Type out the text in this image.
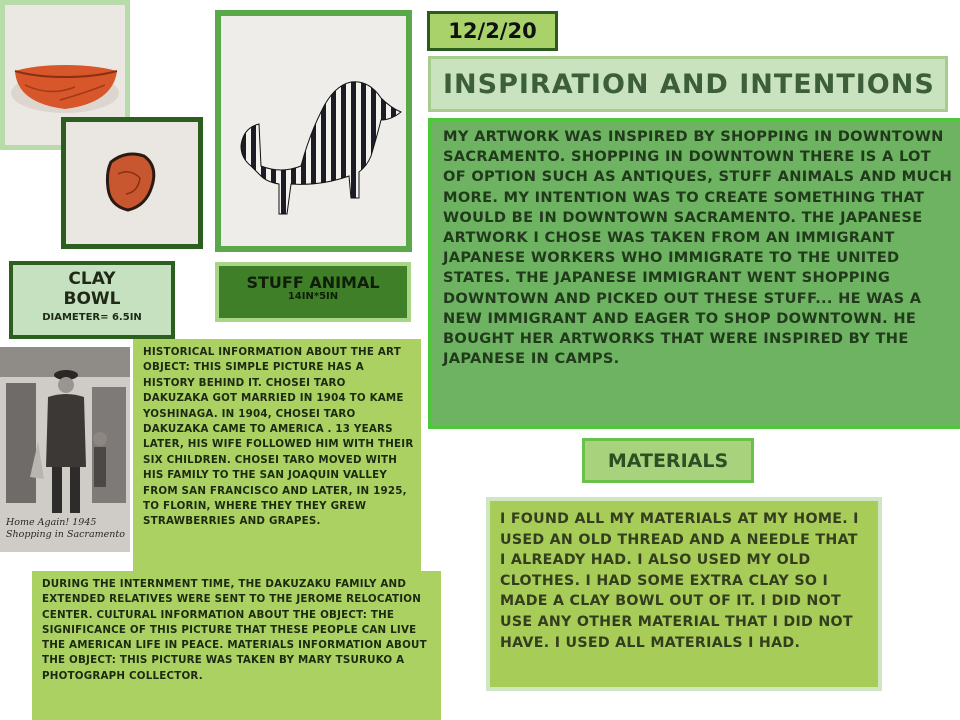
CLAY
BOWL
DIAMETER= 6.5IN
STUFF ANIMAL
14IN*5IN
Home Again! 1945
Shopping in Sacramento
HISTORICAL INFORMATION ABOUT THE ART OBJECT: THIS SIMPLE PICTURE HAS A HISTORY BEHIND IT. CHOSEI TARO DAKUZAKA GOT MARRIED IN 1904 TO KAME YOSHINAGA. IN 1904, CHOSEI TARO DAKUZAKA CAME TO AMERICA . 13 YEARS LATER, HIS WIFE FOLLOWED HIM WITH THEIR SIX CHILDREN. CHOSEI TARO MOVED WITH HIS FAMILY TO THE SAN JOAQUIN VALLEY FROM SAN FRANCISCO AND LATER, IN 1925, TO FLORIN, WHERE THEY THEY GREW STRAWBERRIES AND GRAPES.
DURING THE INTERNMENT TIME, THE DAKUZAKU FAMILY AND EXTENDED RELATIVES WERE SENT TO THE JEROME RELOCATION CENTER. CULTURAL INFORMATION ABOUT THE OBJECT: THE SIGNIFICANCE OF THIS PICTURE THAT THESE PEOPLE CAN LIVE THE AMERICAN LIFE IN PEACE. MATERIALS INFORMATION ABOUT THE OBJECT: THIS PICTURE WAS TAKEN BY MARY TSURUKO A PHOTOGRAPH COLLECTOR.
12/2/20
INSPIRATION AND INTENTIONS
MY ARTWORK WAS INSPIRED BY SHOPPING IN DOWNTOWN SACRAMENTO. SHOPPING IN DOWNTOWN THERE IS A LOT OF OPTION SUCH AS ANTIQUES, STUFF ANIMALS AND MUCH MORE. MY INTENTION WAS TO CREATE SOMETHING THAT WOULD BE IN DOWNTOWN SACRAMENTO. THE JAPANESE ARTWORK I CHOSE WAS TAKEN FROM AN IMMIGRANT JAPANESE WORKERS WHO IMMIGRATE TO THE UNITED STATES. THE JAPANESE IMMIGRANT WENT SHOPPING DOWNTOWN AND PICKED OUT THESE STUFF... HE WAS A NEW IMMIGRANT AND EAGER TO SHOP DOWNTOWN. HE BOUGHT HER ARTWORKS THAT WERE INSPIRED BY THE JAPANESE IN CAMPS.
MATERIALS
I FOUND ALL MY MATERIALS AT MY HOME. I USED AN OLD THREAD AND A NEEDLE THAT I ALREADY HAD. I ALSO USED MY OLD CLOTHES. I HAD SOME EXTRA CLAY SO I MADE A CLAY BOWL OUT OF IT. I DID NOT USE ANY OTHER MATERIAL THAT I DID NOT HAVE. I USED ALL MATERIALS I HAD.
